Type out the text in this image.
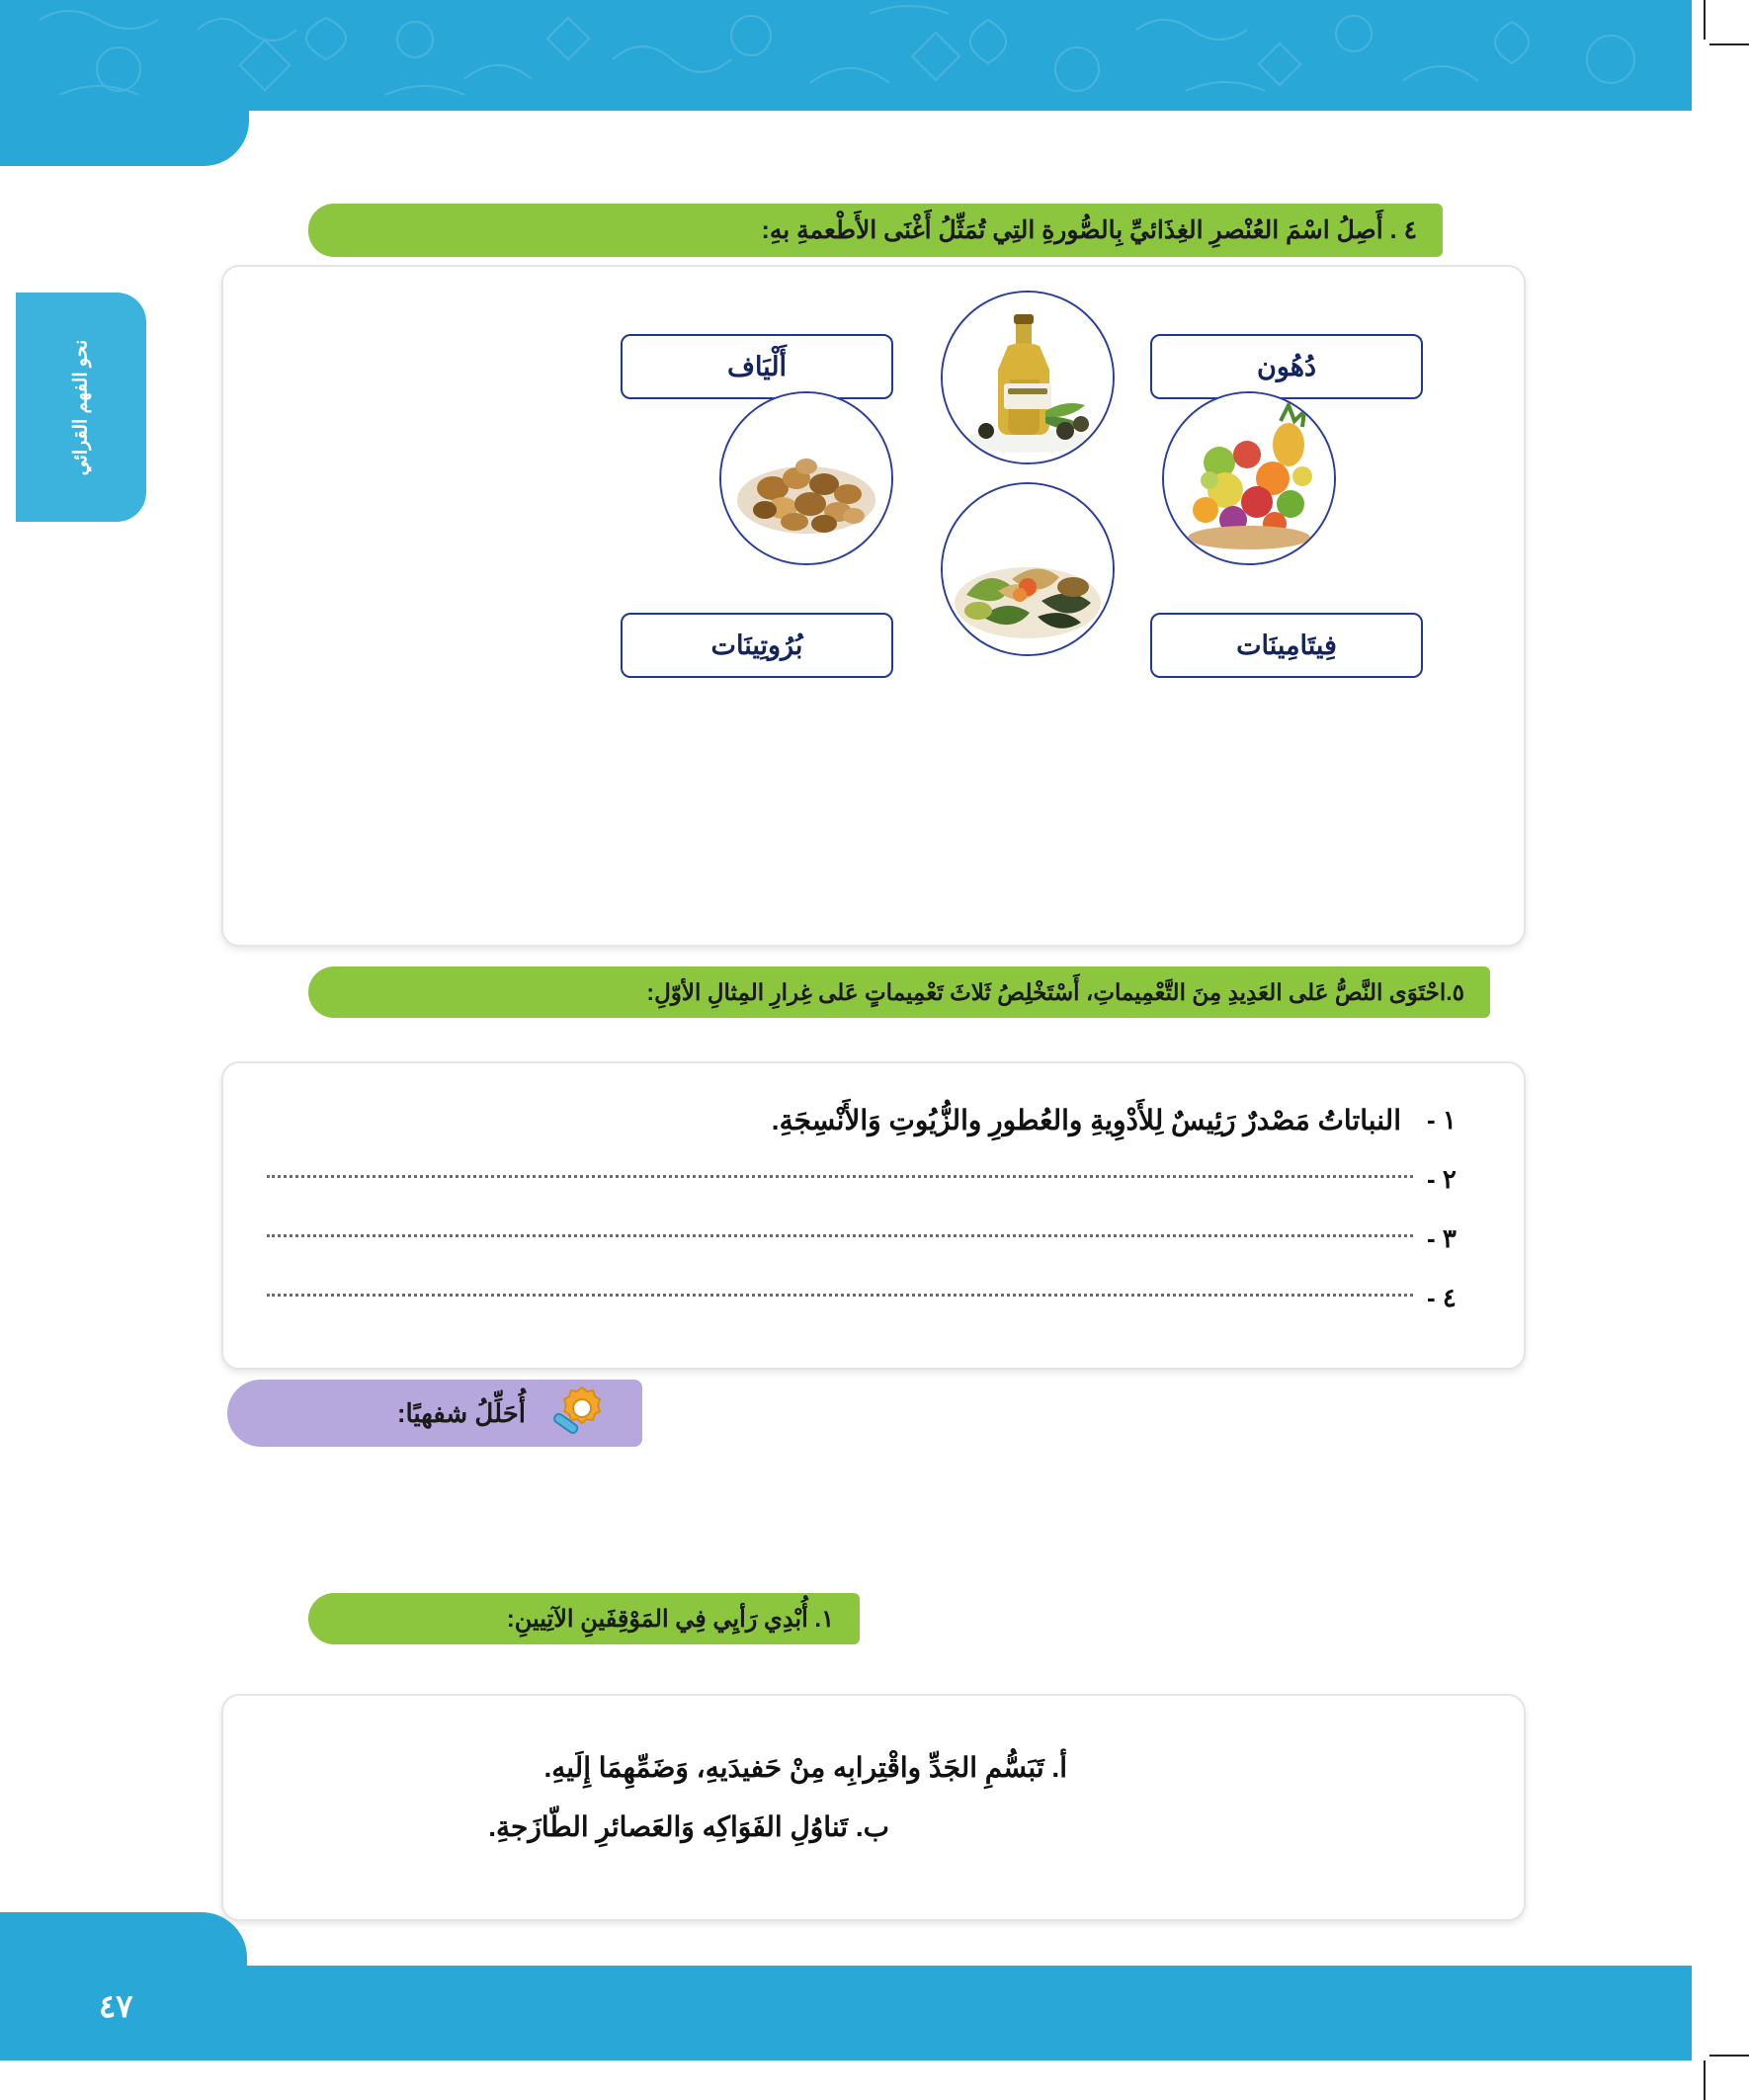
نحو الفهم القرائي
٤ . أَصِلُ اسْمَ العُنْصرِ الغِذَائيِّ بِالصُّورةِ التِي تُمَثِّلُ أَغْنَى الأَطْعمةِ بهِ:
أَلْيَاف	دُهُون
بُرُوتِينَات	فِيتَامِينَات
٥.احْتَوَى النَّصُّ عَلى العَدِيدِ مِنَ التَّعْمِيماتِ، أَسْتَخْلِصُ ثَلاثَ تَعْمِيماتٍ عَلى غِرارِ المِثالِ الأوّلِ:
١ -
النباتاتُ مَصْدرٌ رَئِيسٌ لِلأَدْوِيةِ والعُطورِ والزُّيُوتِ وَالأَنْسِجَةِ.
٢ -
٣ -
٤ -
أُحَلِّلُ شفهيًا:
١. أُبْدِي رَأيِي فِي المَوْقِفَينِ الآتِيينِ:
أ. تَبَسُّمِ الجَدِّ واقْتِرابِه مِنْ حَفيدَيهِ، وَضَمِّهِمَا إِلَيهِ.
ب. تَناوُلِ الفَوَاكِه وَالعَصائرِ الطّازَجةِ.
٤٧
